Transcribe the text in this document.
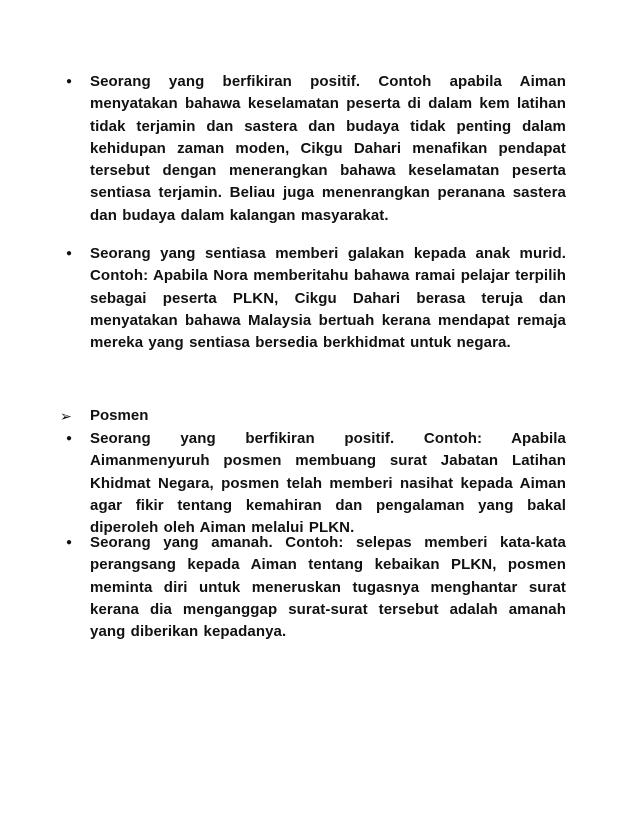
●	Seorang yang berfikiran positif. Contoh apabila Aiman menyatakan bahawa keselamatan peserta di dalam kem latihan tidak terjamin dan sastera dan budaya tidak penting dalam kehidupan zaman moden, Cikgu Dahari menafikan pendapat tersebut dengan menerangkan bahawa keselamatan peserta sentiasa terjamin. Beliau juga menenrangkan peranana sastera dan budaya dalam kalangan masyarakat.
●	Seorang yang sentiasa memberi galakan kepada anak murid. Contoh: Apabila Nora memberitahu bahawa ramai pelajar terpilih sebagai peserta PLKN, Cikgu Dahari berasa teruja dan menyatakan bahawa Malaysia bertuah kerana mendapat remaja mereka yang sentiasa bersedia berkhidmat untuk negara.
➢	Posmen
●	Seorang yang berfikiran positif. Contoh: Apabila Aimanmenyuruh posmen membuang surat Jabatan Latihan Khidmat Negara, posmen telah memberi nasihat kepada Aiman agar fikir tentang kemahiran dan pengalaman yang bakal diperoleh oleh Aiman melalui PLKN.
●	Seorang yang amanah. Contoh: selepas memberi kata-kata perangsang kepada Aiman tentang kebaikan PLKN, posmen meminta diri untuk meneruskan tugasnya menghantar surat kerana dia menganggap surat-surat tersebut adalah amanah yang diberikan kepadanya.
